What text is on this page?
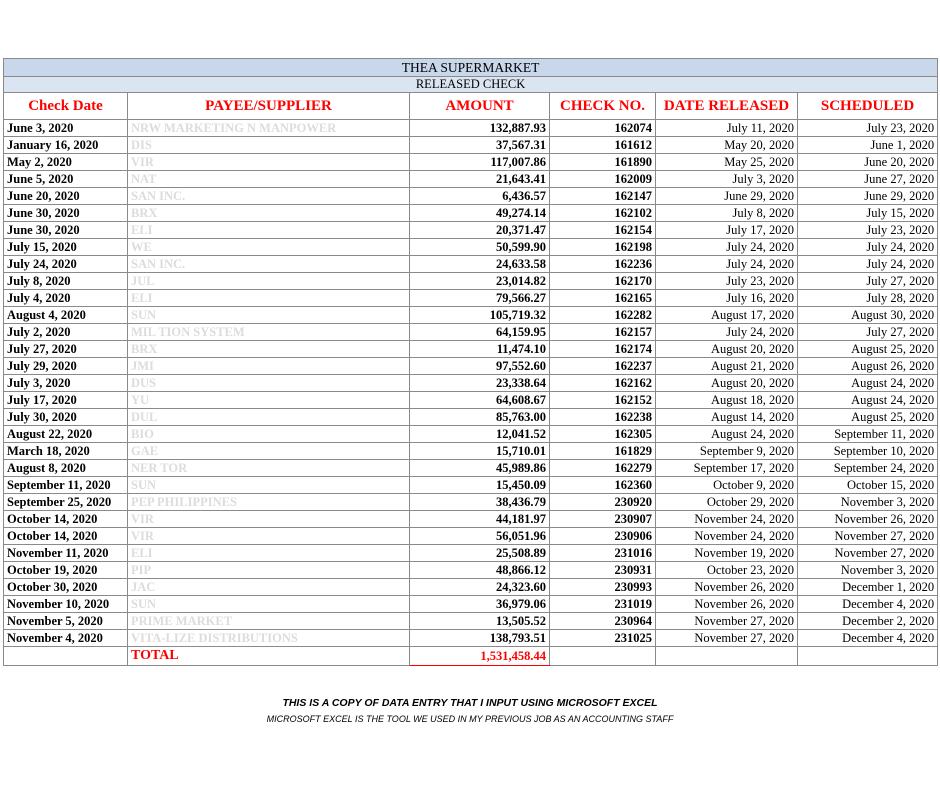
THEA SUPERMARKET					
RELEASED CHECK					
Check Date	PAYEE/SUPPLIER	AMOUNT	CHECK NO.	DATE RELEASED	SCHEDULED
June 3, 2020	NRW MARKETING N MANPOWER	132,887.93	162074	July 11, 2020	July 23, 2020
January 16, 2020	DIS	37,567.31	161612	May 20, 2020	June 1, 2020
May 2, 2020	VIR	117,007.86	161890	May 25, 2020	June 20, 2020
June 5, 2020	NAT	21,643.41	162009	July 3, 2020	June 27, 2020
June 20, 2020	SAN INC.	6,436.57	162147	June 29, 2020	June 29, 2020
June 30, 2020	BRX	49,274.14	162102	July 8, 2020	July 15, 2020
June 30, 2020	ELI	20,371.47	162154	July 17, 2020	July 23, 2020
July 15, 2020	WE	50,599.90	162198	July 24, 2020	July 24, 2020
July 24, 2020	SAN INC.	24,633.58	162236	July 24, 2020	July 24, 2020
July 8, 2020	JUL	23,014.82	162170	July 23, 2020	July 27, 2020
July 4, 2020	ELI	79,566.27	162165	July 16, 2020	July 28, 2020
August 4, 2020	SUN	105,719.32	162282	August 17, 2020	August 30, 2020
July 2, 2020	MIL TION SYSTEM	64,159.95	162157	July 24, 2020	July 27, 2020
July 27, 2020	BRX	11,474.10	162174	August 20, 2020	August 25, 2020
July 29, 2020	JMI	97,552.60	162237	August 21, 2020	August 26, 2020
July 3, 2020	DUS	23,338.64	162162	August 20, 2020	August 24, 2020
July 17, 2020	YU	64,608.67	162152	August 18, 2020	August 24, 2020
July 30, 2020	DUL	85,763.00	162238	August 14, 2020	August 25, 2020
August 22, 2020	BIO	12,041.52	162305	August 24, 2020	September 11, 2020
March 18, 2020	GAE	15,710.01	161829	September 9, 2020	September 10, 2020
August 8, 2020	NER TOR	45,989.86	162279	September 17, 2020	September 24, 2020
September 11, 2020	SUN	15,450.09	162360	October 9, 2020	October 15, 2020
September 25, 2020	PEP PHILIPPINES	38,436.79	230920	October 29, 2020	November 3, 2020
October 14, 2020	VIR	44,181.97	230907	November 24, 2020	November 26, 2020
October 14, 2020	VIR	56,051.96	230906	November 24, 2020	November 27, 2020
November 11, 2020	ELI	25,508.89	231016	November 19, 2020	November 27, 2020
October 19, 2020	PIP	48,866.12	230931	October 23, 2020	November 3, 2020
October 30, 2020	JAC	24,323.60	230993	November 26, 2020	December 1, 2020
November 10, 2020	SUN	36,979.06	231019	November 26, 2020	December 4, 2020
November 5, 2020	PRIME MARKET	13,505.52	230964	November 27, 2020	December 2, 2020
November 4, 2020	VITA-LIZE DISTRIBUTIONS	138,793.51	231025	November 27, 2020	December 4, 2020
	TOTAL	1,531,458.44			
THIS IS A COPY OF DATA ENTRY THAT I INPUT USING MICROSOFT EXCEL
MICROSOFT EXCEL IS THE TOOL WE USED IN MY PREVIOUS JOB AS AN ACCOUNTING STAFF
